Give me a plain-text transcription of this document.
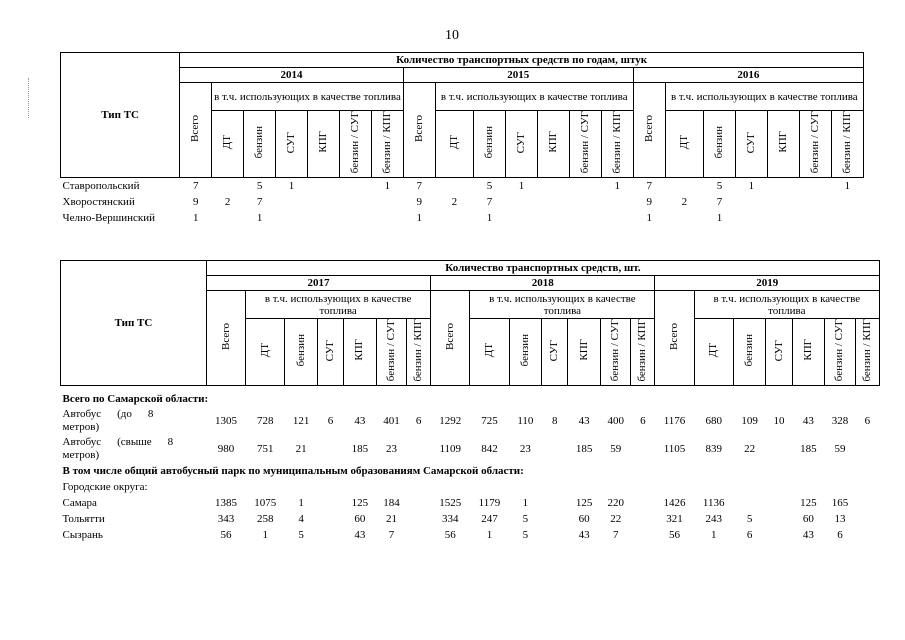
10
Тип ТС	Количество транспортных средств по годам, штук																				
	2014							2015							2016						
	Всего	в т.ч. использующих в качестве топлива						Всего	в т.ч. использующих в качестве топлива						Всего	в т.ч. использующих в качестве топлива					
		ДТ	бензин	СУГ	КПГ	бензин / СУГ	бензин / КПГ		ДТ	бензин	СУГ	КПГ	бензин / СУГ	бензин / КПГ		ДТ	бензин	СУГ	КПГ	бензин / СУГ	бензин / КПГ
Ставропольский	7		5	1			1	7		5	1			1	7		5	1			1
Хворостянский	9	2	7					9	2	7					9	2	7				
Челно-Вершинский	1		1					1		1					1		1				
Тип ТС	Количество транспортных средств, шт.																				
	2017							2018							2019						
	Всего	в т.ч. использующих в качестве топлива						Всего	в т.ч. использующих в качестве топлива						Всего	в т.ч. использующих в качестве топлива					
		ДТ	бензин	СУГ	КПГ	бензин / СУГ	бензин / КПГ		ДТ	бензин	СУГ	КПГ	бензин / СУГ	бензин / КПГ		ДТ	бензин	СУГ	КПГ	бензин / СУГ	бензин / КПГ

Всего по Самарской области:																					
Автобус (до 8
метров)	1305	728	121	6	43	401	6	1292	725	110	8	43	400	6	1176	680	109	10	43	328	6
Автобус (свыше 8
метров)	980	751	21		185	23		1109	842	23		185	59		1105	839	22		185	59	
В том числе общий автобусный парк по муниципальным образованиям Самарской области:																					
Городские округа:																					
Самара	1385	1075	1		125	184		1525	1179	1		125	220		1426	1136			125	165	
Тольятти	343	258	4		60	21		334	247	5		60	22		321	243	5		60	13	
Сызрань	56	1	5		43	7		56	1	5		43	7		56	1	6		43	6	
